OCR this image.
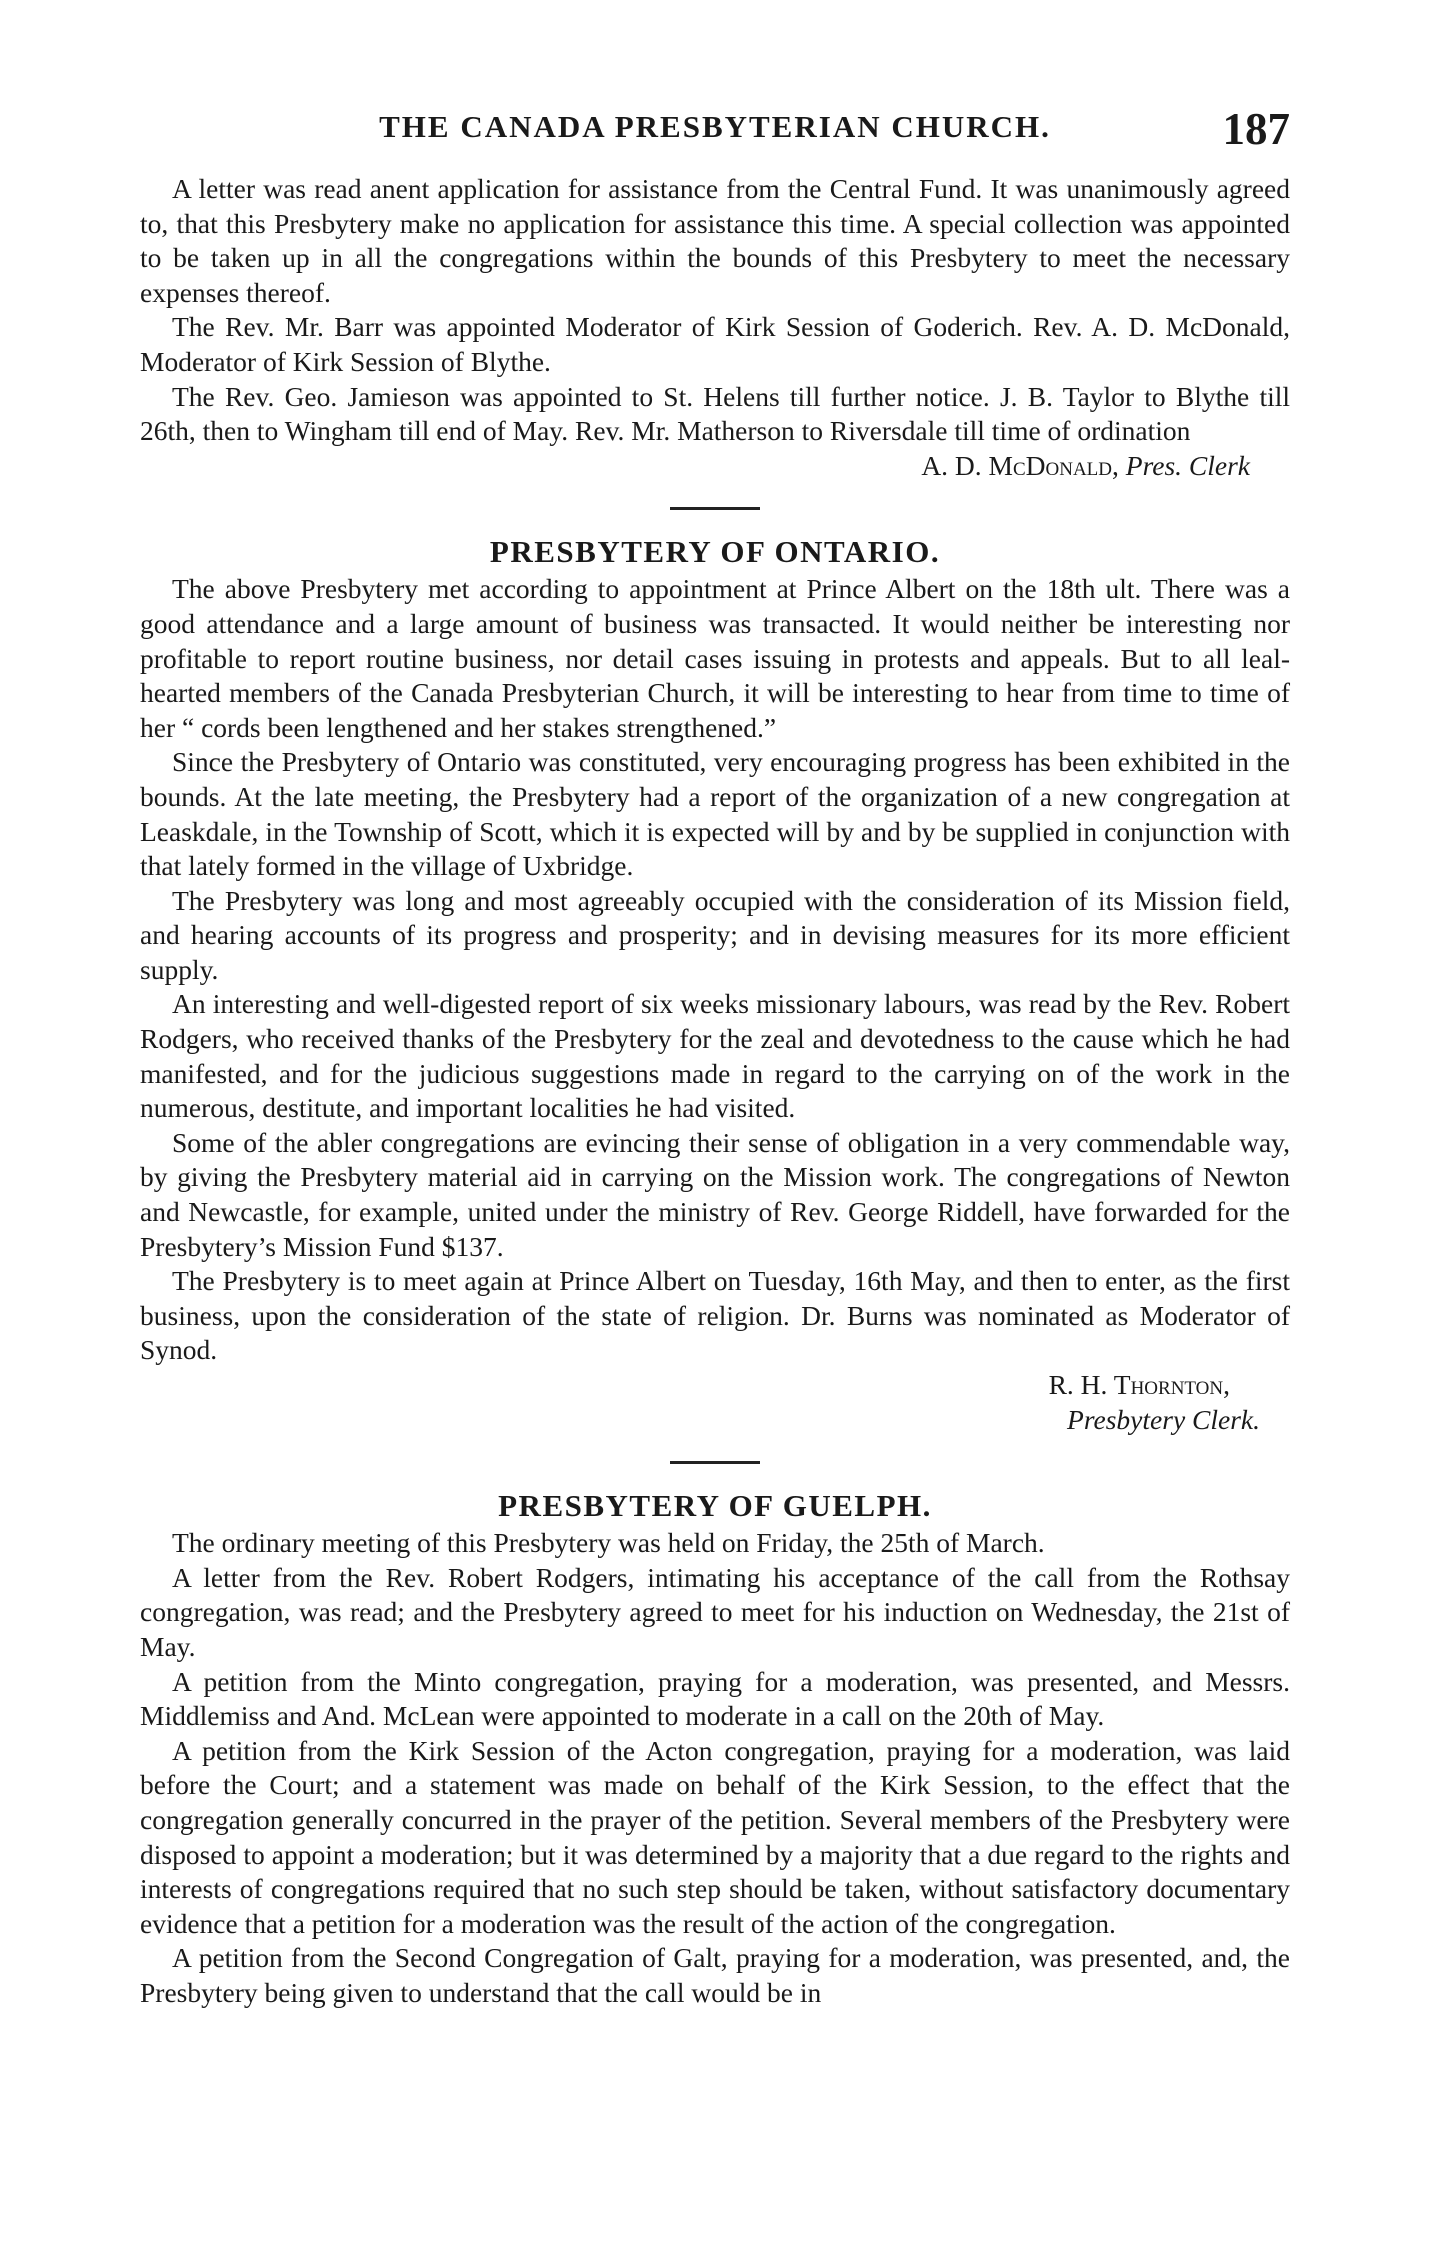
THE CANADA PRESBYTERIAN CHURCH.	187

A letter was read anent application for assistance from the Central Fund. It was unanimously agreed to, that this Presbytery make no application for assistance this time. A special collection was appointed to be taken up in all the congregations within the bounds of this Presbytery to meet the necessary expenses thereof.

The Rev. Mr. Barr was appointed Moderator of Kirk Session of Goderich. Rev. A. D. McDonald, Moderator of Kirk Session of Blythe.

The Rev. Geo. Jamieson was appointed to St. Helens till further notice. J. B. Taylor to Blythe till 26th, then to Wingham till end of May. Rev. Mr. Matherson to Riversdale till time of ordination

A. D. McDonald, Pres. Clerk
PRESBYTERY OF ONTARIO.

The above Presbytery met according to appointment at Prince Albert on the 18th ult. There was a good attendance and a large amount of business was transacted. It would neither be interesting nor profitable to report routine business, nor detail cases issuing in protests and appeals. But to all leal-hearted members of the Canada Presbyterian Church, it will be interesting to hear from time to time of her “ cords been lengthened and her stakes strengthened.”

Since the Presbytery of Ontario was constituted, very encouraging progress has been exhibited in the bounds. At the late meeting, the Presbytery had a report of the organization of a new congregation at Leaskdale, in the Township of Scott, which it is expected will by and by be supplied in conjunction with that lately formed in the village of Uxbridge.

The Presbytery was long and most agreeably occupied with the consideration of its Mission field, and hearing accounts of its progress and prosperity; and in devising measures for its more efficient supply.

An interesting and well-digested report of six weeks missionary labours, was read by the Rev. Robert Rodgers, who received thanks of the Presbytery for the zeal and devotedness to the cause which he had manifested, and for the judicious suggestions made in regard to the carrying on of the work in the numerous, destitute, and important localities he had visited.

Some of the abler congregations are evincing their sense of obligation in a very commendable way, by giving the Presbytery material aid in carrying on the Mission work. The congregations of Newton and Newcastle, for example, united under the ministry of Rev. George Riddell, have forwarded for the Presbytery’s Mission Fund $137.

The Presbytery is to meet again at Prince Albert on Tuesday, 16th May, and then to enter, as the first business, upon the consideration of the state of religion. Dr. Burns was nominated as Moderator of Synod.

R. H. Thornton,
Presbytery Clerk.
PRESBYTERY OF GUELPH.

The ordinary meeting of this Presbytery was held on Friday, the 25th of March.

A letter from the Rev. Robert Rodgers, intimating his acceptance of the call from the Rothsay congregation, was read; and the Presbytery agreed to meet for his induction on Wednesday, the 21st of May.

A petition from the Minto congregation, praying for a moderation, was presented, and Messrs. Middlemiss and And. McLean were appointed to moderate in a call on the 20th of May.

A petition from the Kirk Session of the Acton congregation, praying for a moderation, was laid before the Court; and a statement was made on behalf of the Kirk Session, to the effect that the congregation generally concurred in the prayer of the petition. Several members of the Presbytery were disposed to appoint a moderation; but it was determined by a majority that a due regard to the rights and interests of congregations required that no such step should be taken, without satisfactory documentary evidence that a petition for a moderation was the result of the action of the congregation.

A petition from the Second Congregation of Galt, praying for a moderation, was presented, and, the Presbytery being given to understand that the call would be in
